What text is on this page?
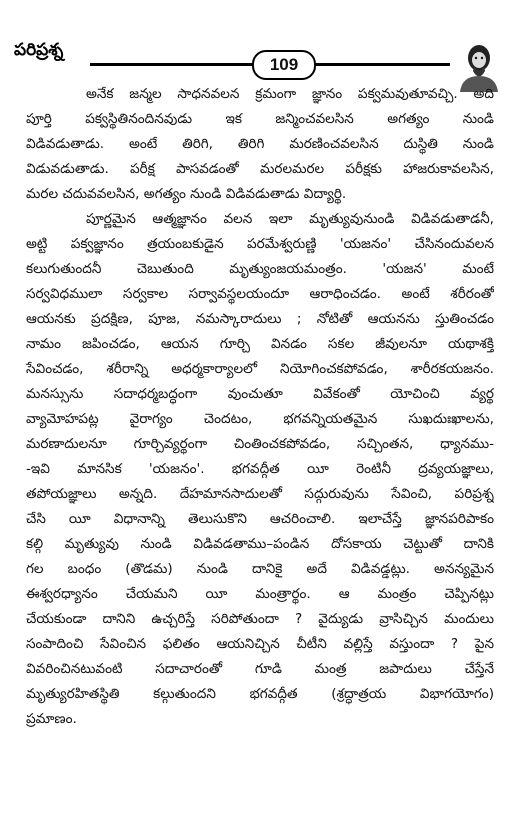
పరిప్రశ్న
109
అనేక జన్మల సాధనవలన క్రమంగా జ్ఞానం పక్వమవుతూవచ్చి. అది
పూర్తి పక్వస్థితినందినవుడు ఇక జన్మించవలసిన అగత్యం నుండి
విడివడుతాడు. అంటే తిరిగి, తిరిగి మరణించవలసిన దుస్థితి నుండి
విడువడుతాడు. పరీక్ష పాసవడంతో మరలమరల పరీక్షకు హాజరుకావలసిన,
మరల చదువవలసిన, అగత్యం నుండి విడివడుతాడు విద్యార్థి.
పూర్ణమైన ఆత్మజ్ఞానం వలన ఇలా మృత్యువునుండి విడివడుతాడనీ,
అట్టి పక్వజ్ఞానం త్రయంబకుడైన పరమేశ్వరుణ్ణి 'యజనం' చేసినందువలన
కలుగుతుందనీ చెబుతుంది మృత్యుంజయమంత్రం. 'యజన' మంటే
సర్వవిధములా సర్వకాల సర్వావస్థలయందూ ఆరాధించడం. అంటే శరీరంతో
ఆయనకు ప్రదక్షిణ, పూజ, నమస్కారాదులు ; నోటితో ఆయనను స్తుతించడం
నామం జపించడం, ఆయన గూర్చి వినడం సకల జీవులనూ యథాశక్తి
సేవించడం, శరీరాన్ని అధర్మకార్యాలలో నియోగించకపోవడం, శారీరకయజనం.
మనస్సును సదాధర్మబద్ధంగా వుంచుతూ వివేకంతో యోచించి వ్యర్థ
వ్యామోహపట్ల వైరాగ్యం చెందటం, భగవన్నియతమైన సుఖదుఃఖాలను,
మరణాదులనూ గూర్చివ్యర్థంగా చింతించకపోవడం, సచ్చింతన, ధ్యానము-
-ఇవి మానసిక 'యజనం'. భగవద్గీత యీ రెంటినీ ద్రవ్యయజ్ఞాలు,
తపోయజ్ఞాలు అన్నది. దేహమానసాదులతో సద్గురువును సేవించి, పరిప్రశ్న
చేసి యీ విధానాన్ని తెలుసుకొని ఆచరించాలి. ఇలాచేస్తే జ్ఞానపరిపాకం
కల్గి మృత్యువు నుండి విడివడతాము–పండిన దోసకాయ చెట్టుతో దానికి
గల బంధం (తొడమ) నుండి దానికై అదే విడివడ్డట్లు. అనన్యమైన
ఈశ్వరధ్యానం చేయమని యీ మంత్రార్థం. ఆ మంత్రం చెప్పినట్లు
చేయకుండా దానిని ఉచ్చరిస్తే సరిపోతుందా ? వైద్యుడు వ్రాసిచ్చిన మందులు
సంపాదించి సేవించిన ఫలితం ఆయనిచ్చిన చీటీని వల్లిస్తే వస్తుందా ? పైన
వివరించినటువంటి సదాచారంతో గూడి మంత్ర జపాదులు చేస్తేనే
మృత్యురహితస్థితి కల్గుతుందని భగవద్గీత (శ్రద్ధాత్రయ విభాగయోగం)
ప్రమాణం.
